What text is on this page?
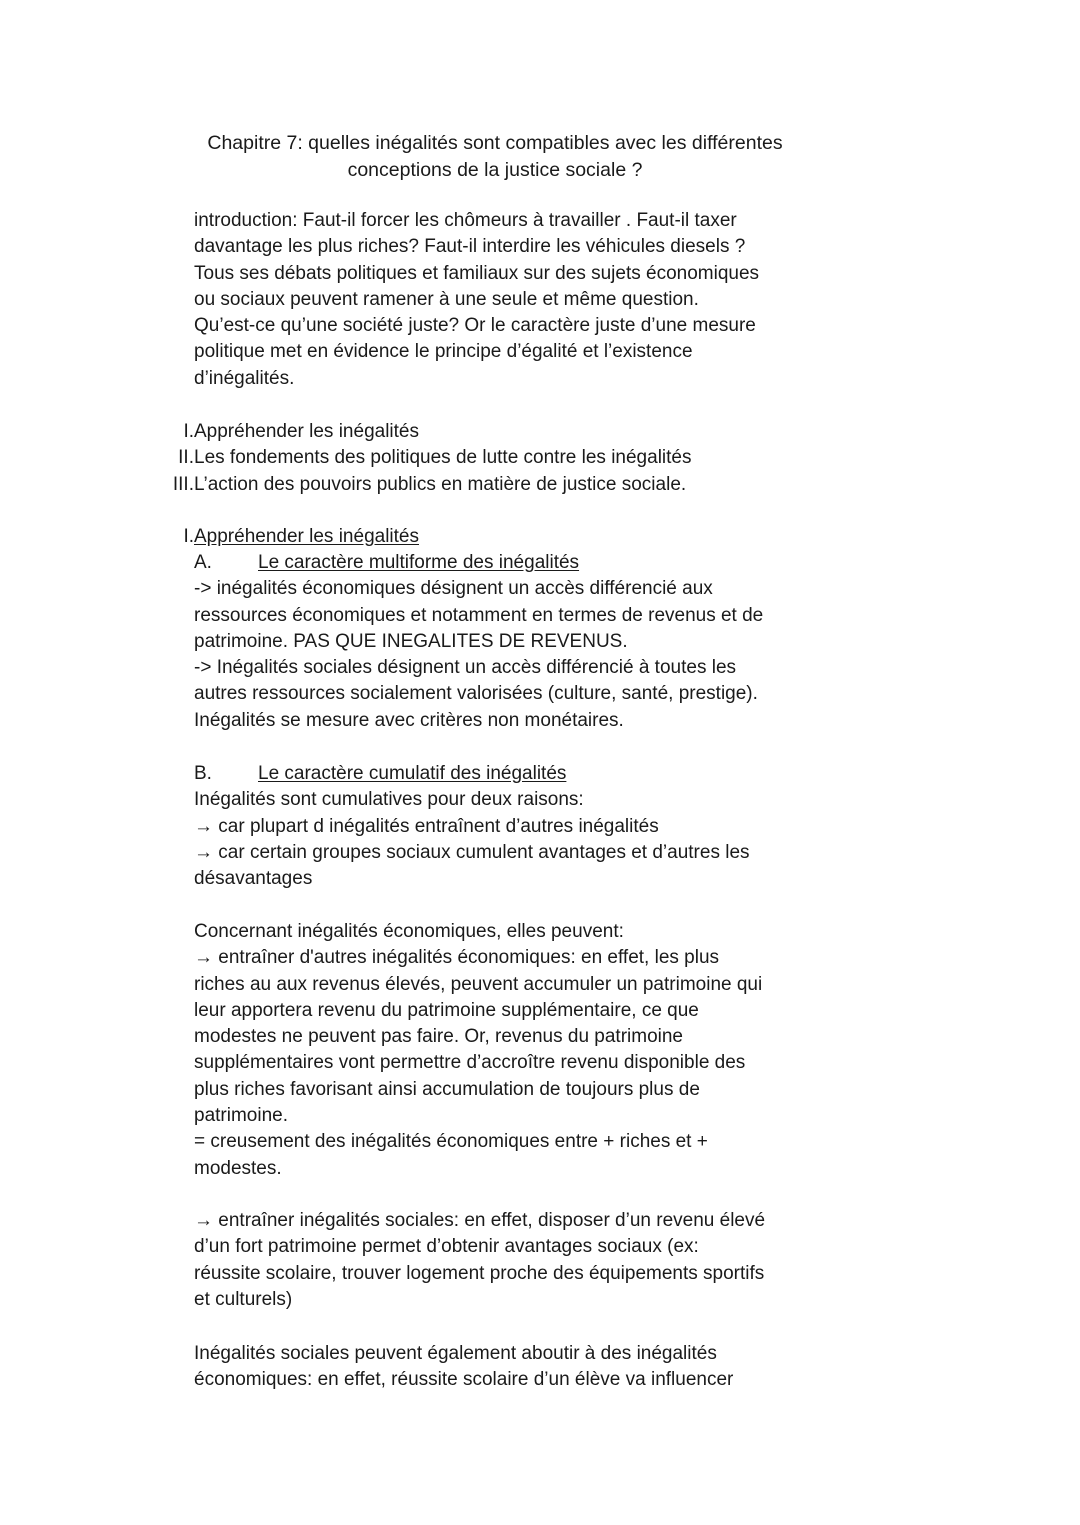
Chapitre 7: quelles inégalités sont compatibles avec les différentes
conceptions de la justice sociale ?

introduction: Faut-il forcer les chômeurs à travailler . Faut-il taxer

davantage les plus riches? Faut-il interdire les véhicules diesels ?

Tous ses débats politiques et familiaux sur des sujets économiques

ou sociaux peuvent ramener à une seule et même question.

Qu’est-ce qu’une société juste? Or le caractère juste d’une mesure

politique met en évidence le principe d’égalité et l’existence

d’inégalités.

I. Appréhender les inégalités
II. Les fondements des politiques de lutte contre les inégalités
III. L’action des pouvoirs publics en matière de justice sociale.
I.Appréhender les inégalités
A.	Le caractère multiforme des inégalités

-> inégalités économiques désignent un accès différencié aux

ressources économiques et notamment en termes de revenus et de

patrimoine. PAS QUE INEGALITES DE REVENUS.

-> Inégalités sociales désignent un accès différencié à toutes les

autres ressources socialement valorisées (culture, santé, prestige).

Inégalités se mesure avec critères non monétaires.

B.	Le caractère cumulatif des inégalités

Inégalités sont cumulatives pour deux raisons:

→ car plupart d inégalités entraînent d’autres inégalités

→ car certain groupes sociaux cumulent avantages et d’autres les

désavantages

Concernant inégalités économiques, elles peuvent:

→ entraîner d'autres inégalités économiques: en effet, les plus

riches au aux revenus élevés, peuvent accumuler un patrimoine qui

leur apportera revenu du patrimoine supplémentaire, ce que

modestes ne peuvent pas faire. Or, revenus du patrimoine

supplémentaires vont permettre d’accroître revenu disponible des

plus riches favorisant ainsi accumulation de toujours plus de

patrimoine.

= creusement des inégalités économiques entre + riches et +

modestes.

→ entraîner inégalités sociales: en effet, disposer d’un revenu élevé

d’un fort patrimoine permet d’obtenir avantages sociaux (ex:

réussite scolaire, trouver logement proche des équipements sportifs

et culturels)

Inégalités sociales peuvent également aboutir à des inégalités

économiques: en effet, réussite scolaire d’un élève va influencer
